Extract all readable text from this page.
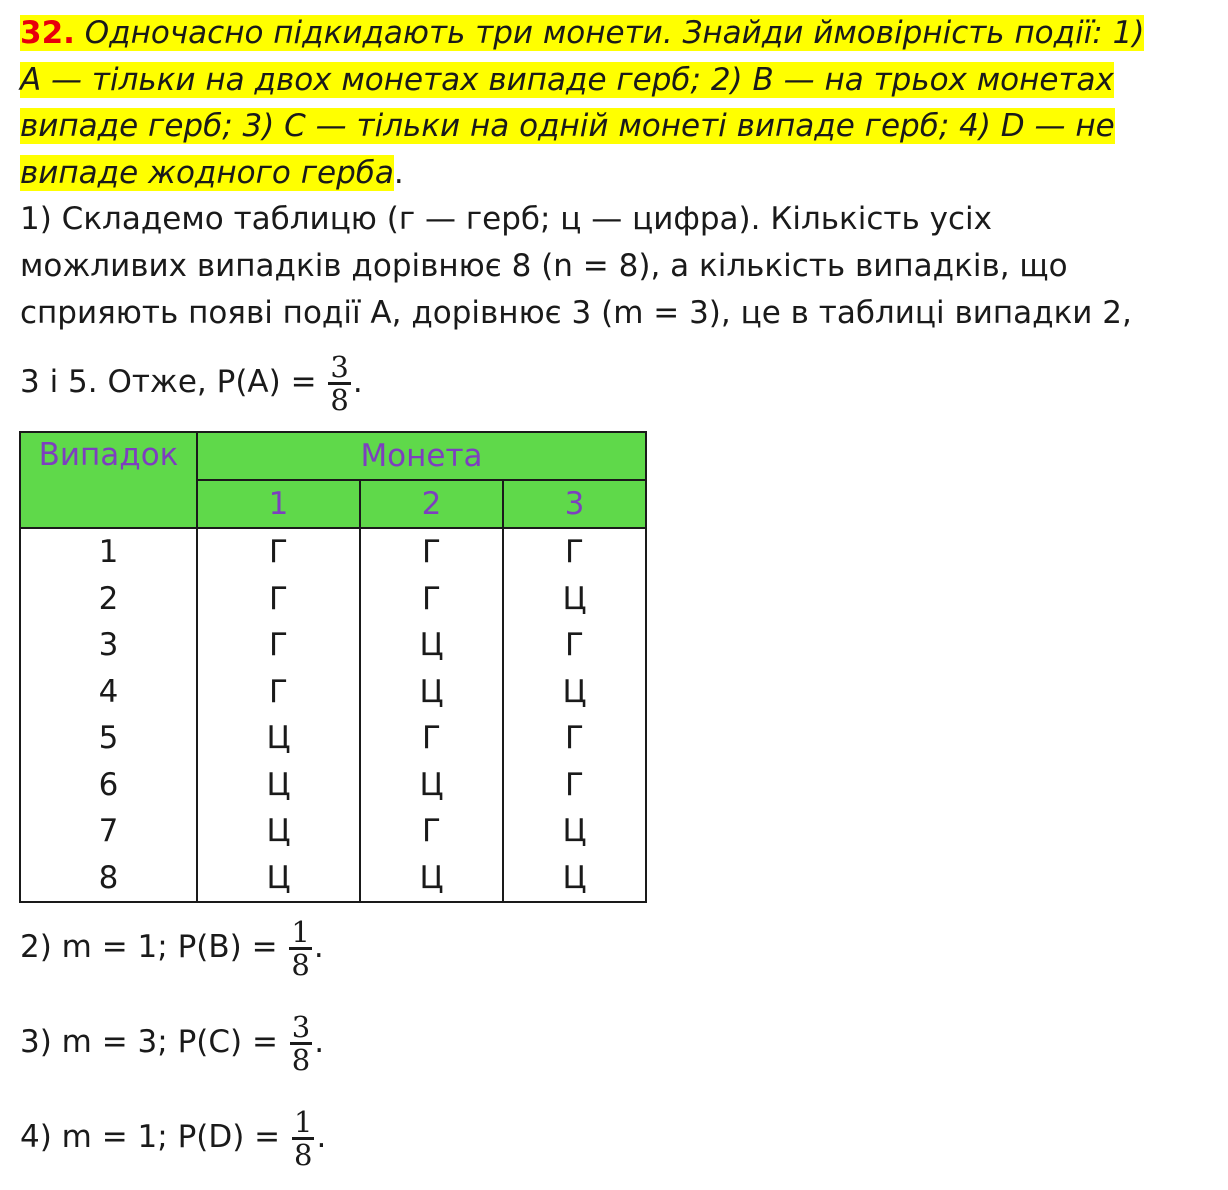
32. Одночасно підкидають три монети. Знайди ймовірність події: 1)
A — тільки на двох монетах випаде герб; 2) B — на трьох монетах
випаде герб; 3) C — тільки на одній монеті випаде герб; 4) D — не
випаде жодного герба.
1) Складемо таблицю (г — герб; ц — цифра). Кількість усіх
можливих випадків дорівнює 8 (n = 8), а кількість випадків, що
сприяють появі події А, дорівнює 3 (m = 3), це в таблиці випадки 2,
3 і 5. Отже, $P(A) = \frac{3}{8}$ .
Випадок	Монета		
	1	2	3
1	Г	Г	Г
2	Г	Г	Ц
3	Г	Ц	Г
4	Г	Ц	Ц
5	Ц	Г	Г
6	Ц	Ц	Г
7	Ц	Г	Ц
8	Ц	Ц	Ц
2) m = 1; $P(B) = \frac{1}{8}$ .
3) m = 3; $P(C) = \frac{3}{8}$ .
4) m = 1; $P(D) = \frac{1}{8}$ .
